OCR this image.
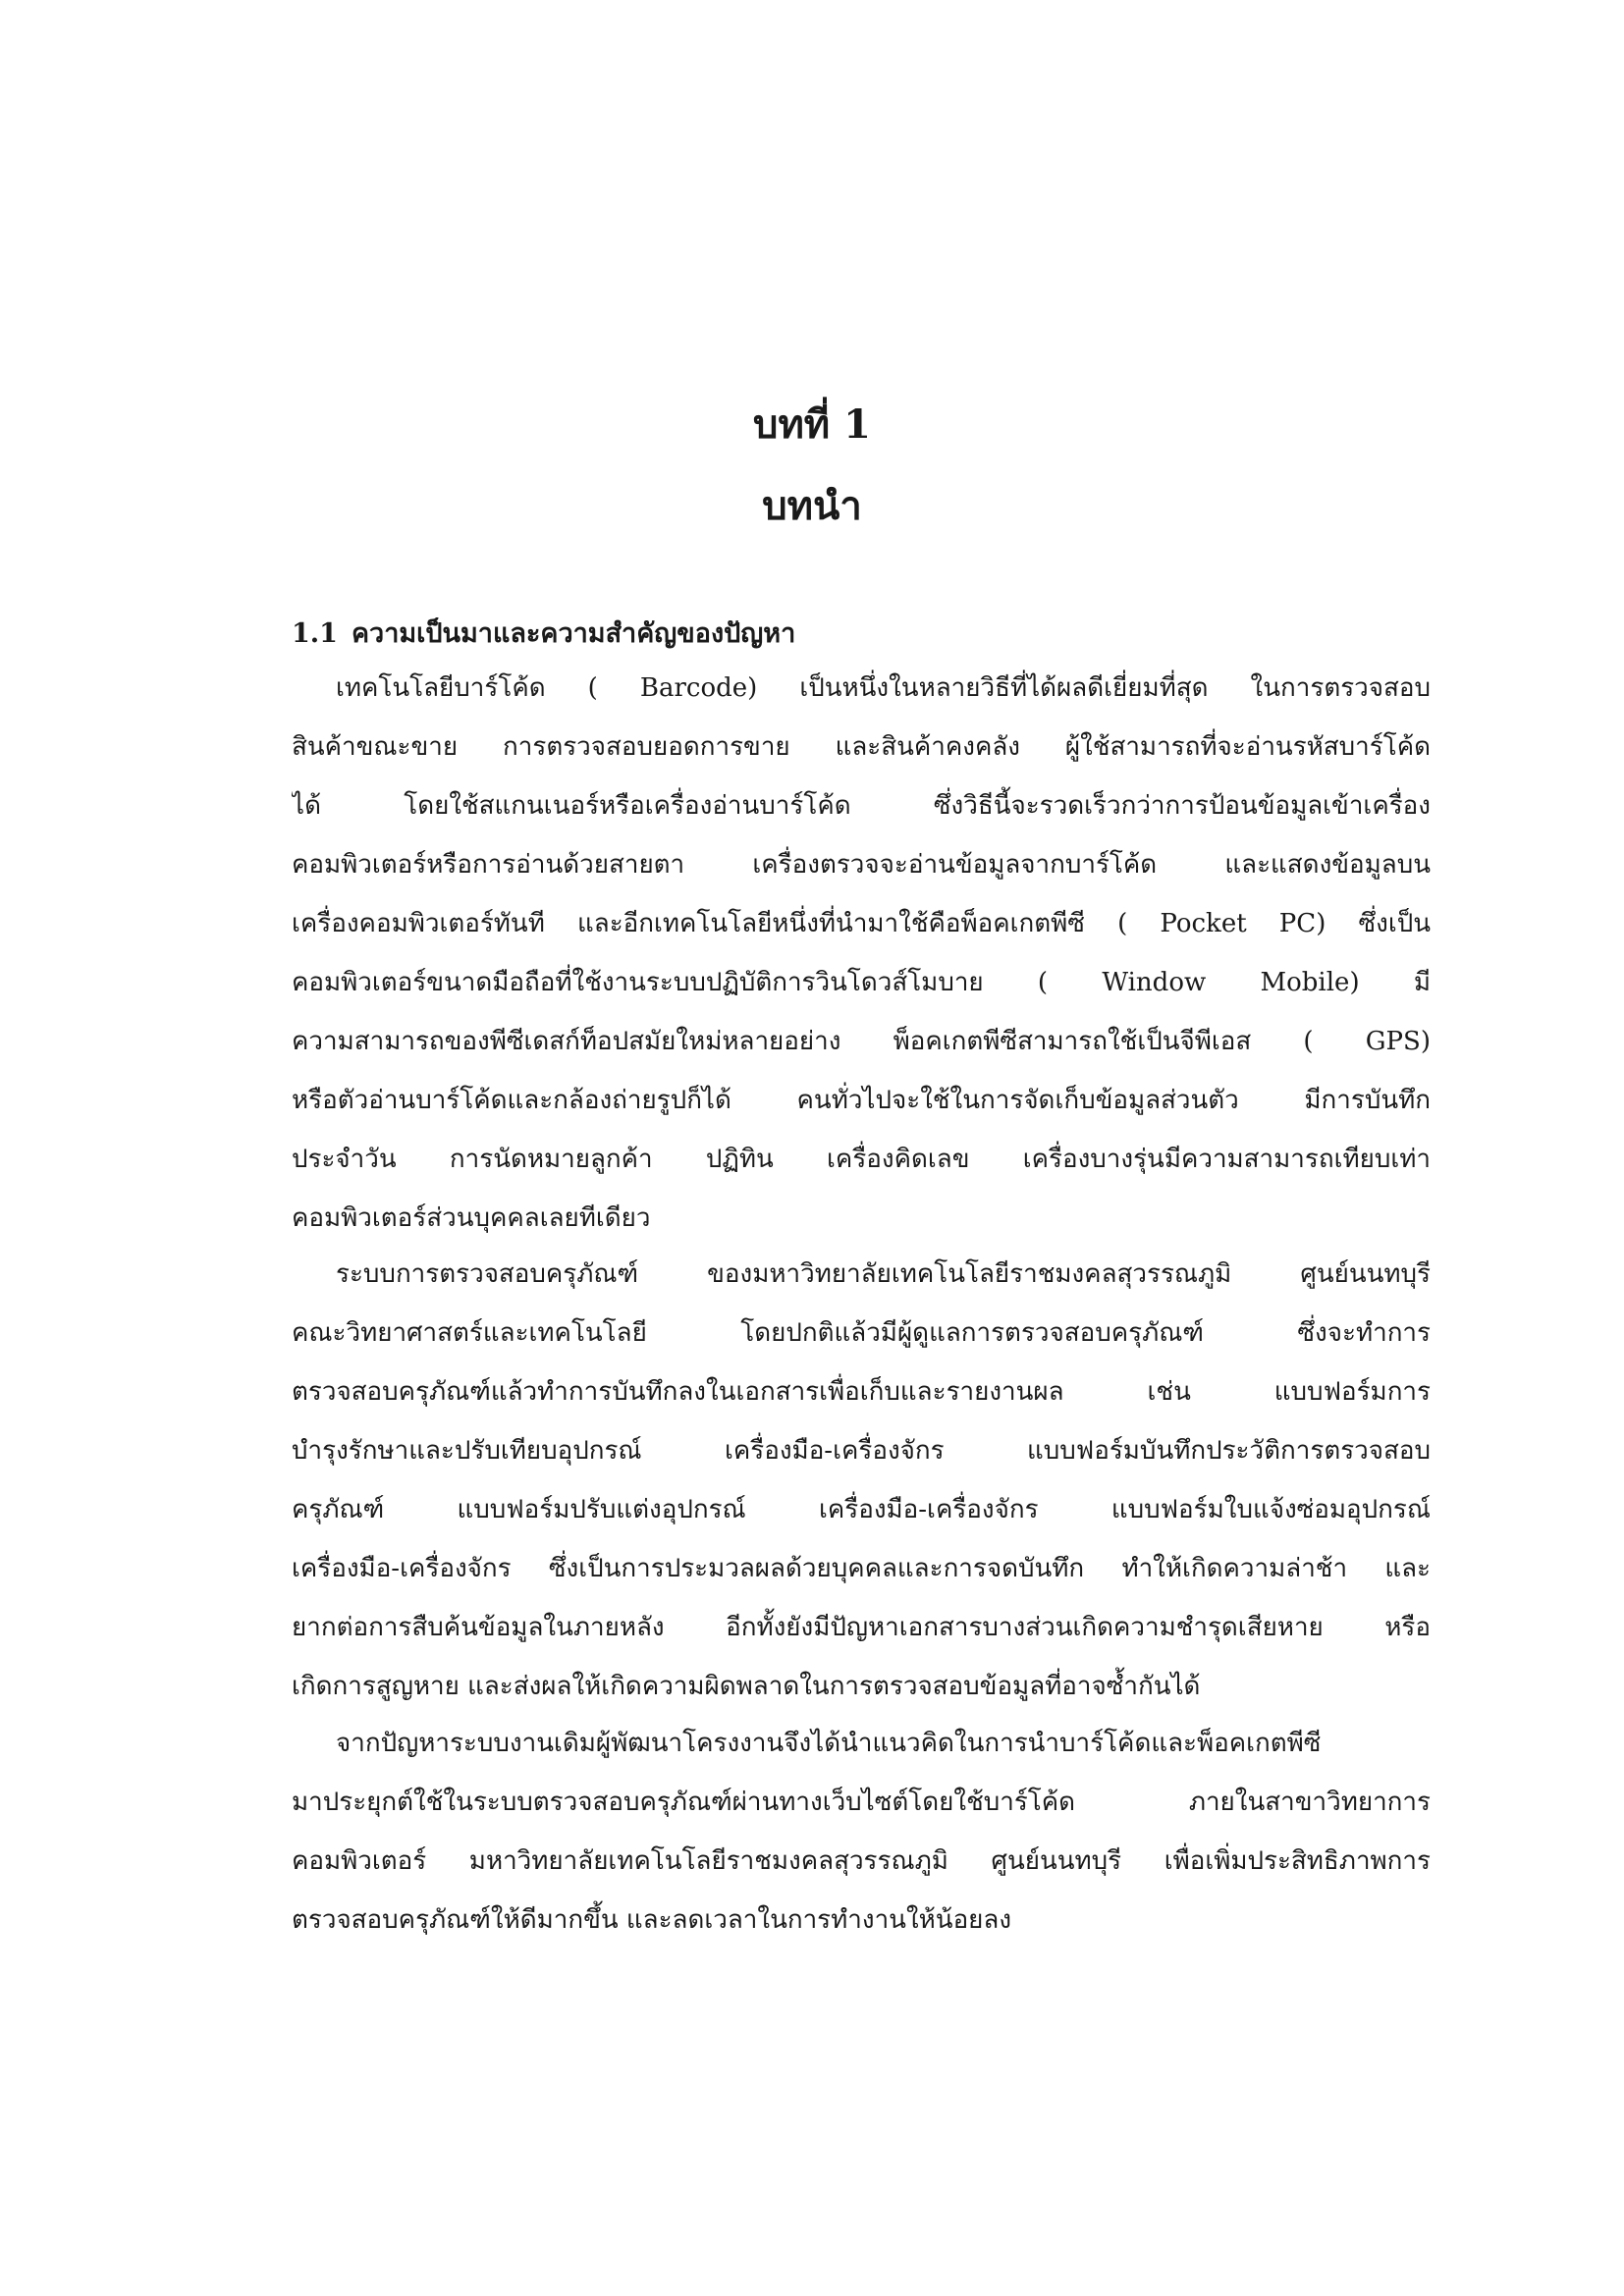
บทที่ 1
บทนำ
1.1 ความเป็นมาและความสำคัญของปัญหา
เทคโนโลยีบาร์โค้ด ( Barcode) เป็นหนึ่งในหลายวิธีที่ได้ผลดีเยี่ยมที่สุด ในการตรวจสอบ
สินค้าขณะขาย การตรวจสอบยอดการขาย และสินค้าคงคลัง ผู้ใช้สามารถที่จะอ่านรหัสบาร์โค้ด
ได้ โดยใช้สแกนเนอร์หรือเครื่องอ่านบาร์โค้ด ซึ่งวิธีนี้จะรวดเร็วกว่าการป้อนข้อมูลเข้าเครื่อง
คอมพิวเตอร์หรือการอ่านด้วยสายตา เครื่องตรวจจะอ่านข้อมูลจากบาร์โค้ด และแสดงข้อมูลบน
เครื่องคอมพิวเตอร์ทันที และอีกเทคโนโลยีหนึ่งที่นำมาใช้คือพ็อคเกตพีซี ( Pocket PC) ซึ่งเป็น
คอมพิวเตอร์ขนาดมือถือที่ใช้งานระบบปฏิบัติการวินโดวส์โมบาย ( Window Mobile) มี
ความสามารถของพีซีเดสก์ท็อปสมัยใหม่หลายอย่าง พ็อคเกตพีซีสามารถใช้เป็นจีพีเอส ( GPS)
หรือตัวอ่านบาร์โค้ดและกล้องถ่ายรูปก็ได้ คนทั่วไปจะใช้ในการจัดเก็บข้อมูลส่วนตัว มีการบันทึก
ประจำวัน การนัดหมายลูกค้า ปฏิทิน เครื่องคิดเลข เครื่องบางรุ่นมีความสามารถเทียบเท่า
คอมพิวเตอร์ส่วนบุคคลเลยทีเดียว
ระบบการตรวจสอบครุภัณฑ์ ของมหาวิทยาลัยเทคโนโลยีราชมงคลสุวรรณภูมิ ศูนย์นนทบุรี
คณะวิทยาศาสตร์และเทคโนโลยี โดยปกติแล้วมีผู้ดูแลการตรวจสอบครุภัณฑ์ ซึ่งจะทำการ
ตรวจสอบครุภัณฑ์แล้วทำการบันทึกลงในเอกสารเพื่อเก็บและรายงานผล เช่น แบบฟอร์มการ
บำรุงรักษาและปรับเทียบอุปกรณ์ เครื่องมือ-เครื่องจักร แบบฟอร์มบันทึกประวัติการตรวจสอบ
ครุภัณฑ์ แบบฟอร์มปรับแต่งอุปกรณ์ เครื่องมือ-เครื่องจักร แบบฟอร์มใบแจ้งซ่อมอุปกรณ์
เครื่องมือ-เครื่องจักร ซึ่งเป็นการประมวลผลด้วยบุคคลและการจดบันทึก ทำให้เกิดความล่าช้า และ
ยากต่อการสืบค้นข้อมูลในภายหลัง อีกทั้งยังมีปัญหาเอกสารบางส่วนเกิดความชำรุดเสียหาย หรือ
เกิดการสูญหาย และส่งผลให้เกิดความผิดพลาดในการตรวจสอบข้อมูลที่อาจซ้ำกันได้
จากปัญหาระบบงานเดิมผู้พัฒนาโครงงานจึงได้นำแนวคิดในการนำบาร์โค้ดและพ็อคเกตพีซี
มาประยุกต์ใช้ในระบบตรวจสอบครุภัณฑ์ผ่านทางเว็บไซต์โดยใช้บาร์โค้ด ภายในสาขาวิทยาการ
คอมพิวเตอร์ มหาวิทยาลัยเทคโนโลยีราชมงคลสุวรรณภูมิ ศูนย์นนทบุรี เพื่อเพิ่มประสิทธิภาพการ
ตรวจสอบครุภัณฑ์ให้ดีมากขึ้น และลดเวลาในการทำงานให้น้อยลง
